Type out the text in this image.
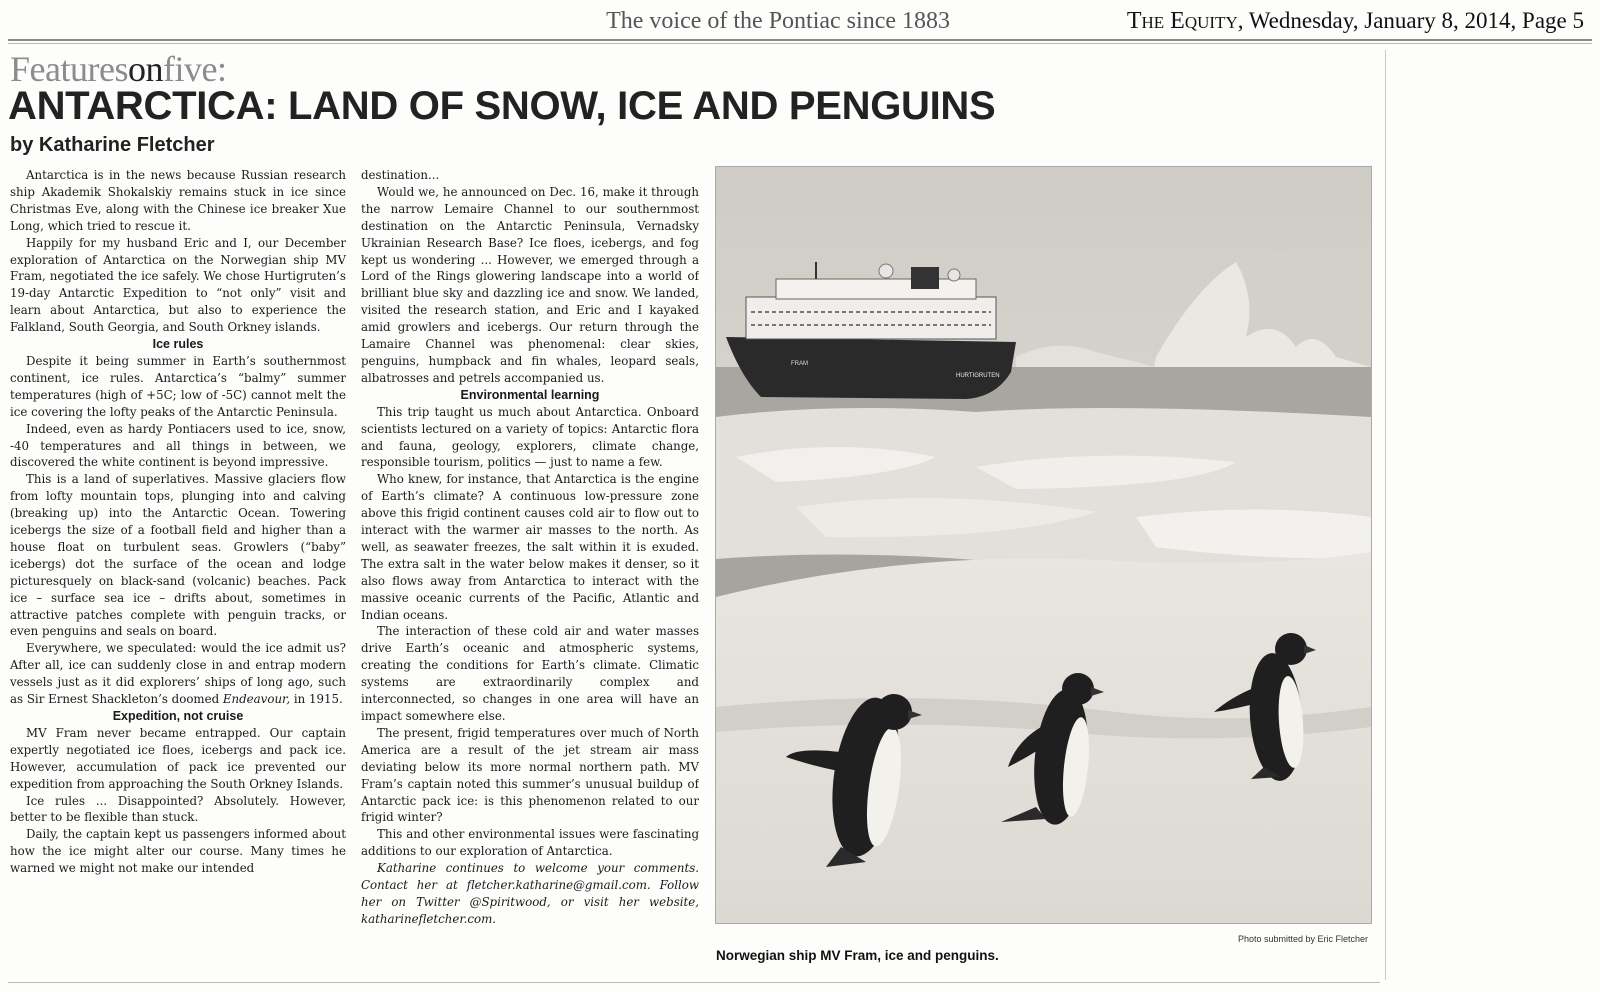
The voice of the Pontiac since 1883	The Equity, Wednesday, January 8, 2014, Page 5
Featuresonfive:
ANTARCTICA: LAND OF SNOW, ICE AND PENGUINS
by Katharine Fletcher

Antarctica is in the news because Russian research ship Akademik Shokalskiy remains stuck in ice since Christmas Eve, along with the Chinese ice breaker Xue Long, which tried to rescue it.

Happily for my husband Eric and I, our December exploration of Antarctica on the Norwegian ship MV Fram, negotiated the ice safely. We chose Hurtigruten’s 19-day Antarctic Expedition to “not only” visit and learn about Antarctica, but also to experience the Falkland, South Georgia, and South Orkney islands.

Ice rules

Despite it being summer in Earth’s southernmost continent, ice rules. Antarctica’s “balmy” summer temperatures (high of +5C; low of -5C) cannot melt the ice covering the lofty peaks of the Antarctic Peninsula.

Indeed, even as hardy Pontiacers used to ice, snow, -40 temperatures and all things in between, we discovered the white continent is beyond impressive.

This is a land of superlatives. Massive glaciers flow from lofty mountain tops, plunging into and calving (breaking up) into the Antarctic Ocean. Towering icebergs the size of a football field and higher than a house float on turbulent seas. Growlers (“baby” icebergs) dot the surface of the ocean and lodge picturesquely on black-sand (volcanic) beaches. Pack ice – surface sea ice – drifts about, sometimes in attractive patches complete with penguin tracks, or even penguins and seals on board.

Everywhere, we speculated: would the ice admit us? After all, ice can suddenly close in and entrap modern vessels just as it did explorers’ ships of long ago, such as Sir Ernest Shackleton’s doomed Endeavour, in 1915.

Expedition, not cruise

MV Fram never became entrapped. Our captain expertly negotiated ice floes, icebergs and pack ice. However, accumulation of pack ice prevented our expedition from approaching the South Orkney Islands.

Ice rules ... Disappointed? Absolutely. However, better to be flexible than stuck.

Daily, the captain kept us passengers informed about how the ice might alter our course. Many times he warned we might not make our intended

destination...

Would we, he announced on Dec. 16, make it through the narrow Lemaire Channel to our southernmost destination on the Antarctic Peninsula, Vernadsky Ukrainian Research Base? Ice floes, icebergs, and fog kept us wondering ... However, we emerged through a Lord of the Rings glowering landscape into a world of brilliant blue sky and dazzling ice and snow. We landed, visited the research station, and Eric and I kayaked amid growlers and icebergs. Our return through the Lamaire Channel was phenomenal: clear skies, penguins, humpback and fin whales, leopard seals, albatrosses and petrels accompanied us.

Environmental learning

This trip taught us much about Antarctica. Onboard scientists lectured on a variety of topics: Antarctic flora and fauna, geology, explorers, climate change, responsible tourism, politics — just to name a few.

Who knew, for instance, that Antarctica is the engine of Earth’s climate? A continuous low-pressure zone above this frigid continent causes cold air to flow out to interact with the warmer air masses to the north. As well, as seawater freezes, the salt within it is exuded. The extra salt in the water below makes it denser, so it also flows away from Antarctica to interact with the massive oceanic currents of the Pacific, Atlantic and Indian oceans.

The interaction of these cold air and water masses drive Earth’s oceanic and atmospheric systems, creating the conditions for Earth’s climate. Climatic systems are extraordinarily complex and interconnected, so changes in one area will have an impact somewhere else.

The present, frigid temperatures over much of North America are a result of the jet stream air mass deviating below its more normal northern path. MV Fram’s captain noted this summer’s unusual buildup of Antarctic pack ice: is this phenomenon related to our frigid winter?

This and other environmental issues were fascinating additions to our exploration of Antarctica.

Katharine continues to welcome your comments. Contact her at fletcher.katharine@gmail.com. Follow her on Twitter @Spiritwood, or visit her website, katharinefletcher.com.

FRAM
HURTIGRUTEN
Photo submitted by Eric Fletcher
Norwegian ship MV Fram, ice and penguins.
